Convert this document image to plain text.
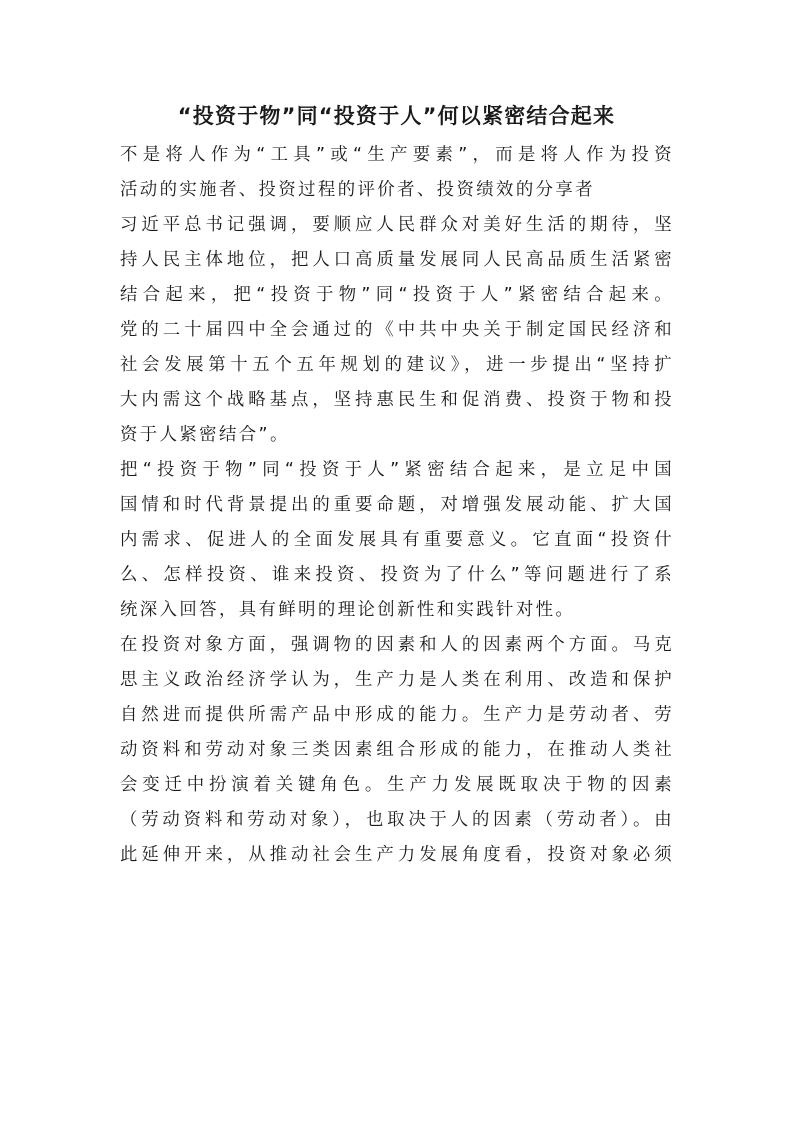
“投资于物”同“投资于人”何以紧密结合起来
不是将人作为“工具”或“生产要素”，而是将人作为投资
活动的实施者、投资过程的评价者、投资绩效的分享者
习近平总书记强调，要顺应人民群众对美好生活的期待，坚
持人民主体地位，把人口高质量发展同人民高品质生活紧密
结合起来，把“投资于物”同“投资于人”紧密结合起来。
党的二十届四中全会通过的《中共中央关于制定国民经济和
社会发展第十五个五年规划的建议》，进一步提出“坚持扩
大内需这个战略基点，坚持惠民生和促消费、投资于物和投
资于人紧密结合”。
把“投资于物”同“投资于人”紧密结合起来，是立足中国
国情和时代背景提出的重要命题，对增强发展动能、扩大国
内需求、促进人的全面发展具有重要意义。它直面“投资什
么、怎样投资、谁来投资、投资为了什么”等问题进行了系
统深入回答，具有鲜明的理论创新性和实践针对性。
在投资对象方面，强调物的因素和人的因素两个方面。马克
思主义政治经济学认为，生产力是人类在利用、改造和保护
自然进而提供所需产品中形成的能力。生产力是劳动者、劳
动资料和劳动对象三类因素组合形成的能力，在推动人类社
会变迁中扮演着关键角色。生产力发展既取决于物的因素
（劳动资料和劳动对象），也取决于人的因素（劳动者）。由
此延伸开来，从推动社会生产力发展角度看，投资对象必须
